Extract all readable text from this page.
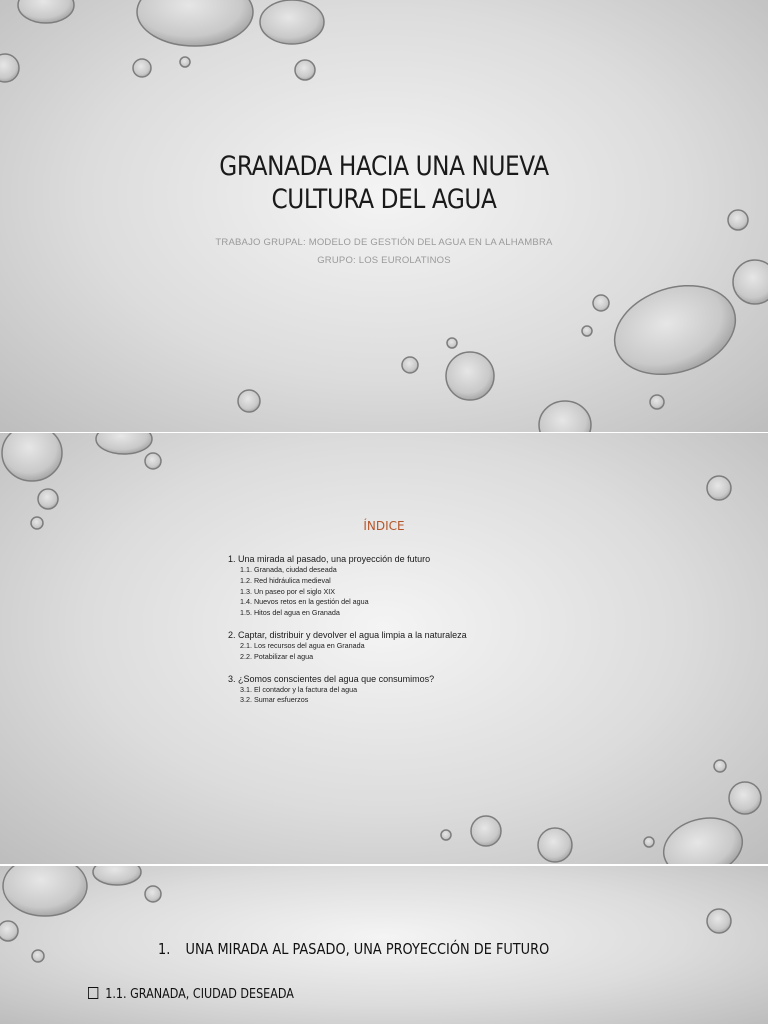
GRANADA HACIA UNA NUEVA
CULTURA DEL AGUA
TRABAJO GRUPAL: MODELO DE GESTIÓN DEL AGUA EN LA ALHAMBRA
GRUPO: LOS EUROLATINOS
ÍNDICE

1. Una mirada al pasado, una proyección de futuro

1.1. Granada, ciudad deseada
1.2. Red hidráulica medieval
1.3. Un paseo por el siglo XIX
1.4. Nuevos retos en la gestión del agua
1.5. Hitos del agua en Granada

2. Captar, distribuir y devolver el agua limpia a la naturaleza

2.1. Los recursos del agua en Granada
2.2. Potabilizar el agua

3. ¿Somos conscientes del agua que consumimos?

3.1. El contador y la factura del agua
3.2. Sumar esfuerzos
1. UNA MIRADA AL PASADO, UNA PROYECCIÓN DE FUTURO
1.1. GRANADA, CIUDAD DESEADA
